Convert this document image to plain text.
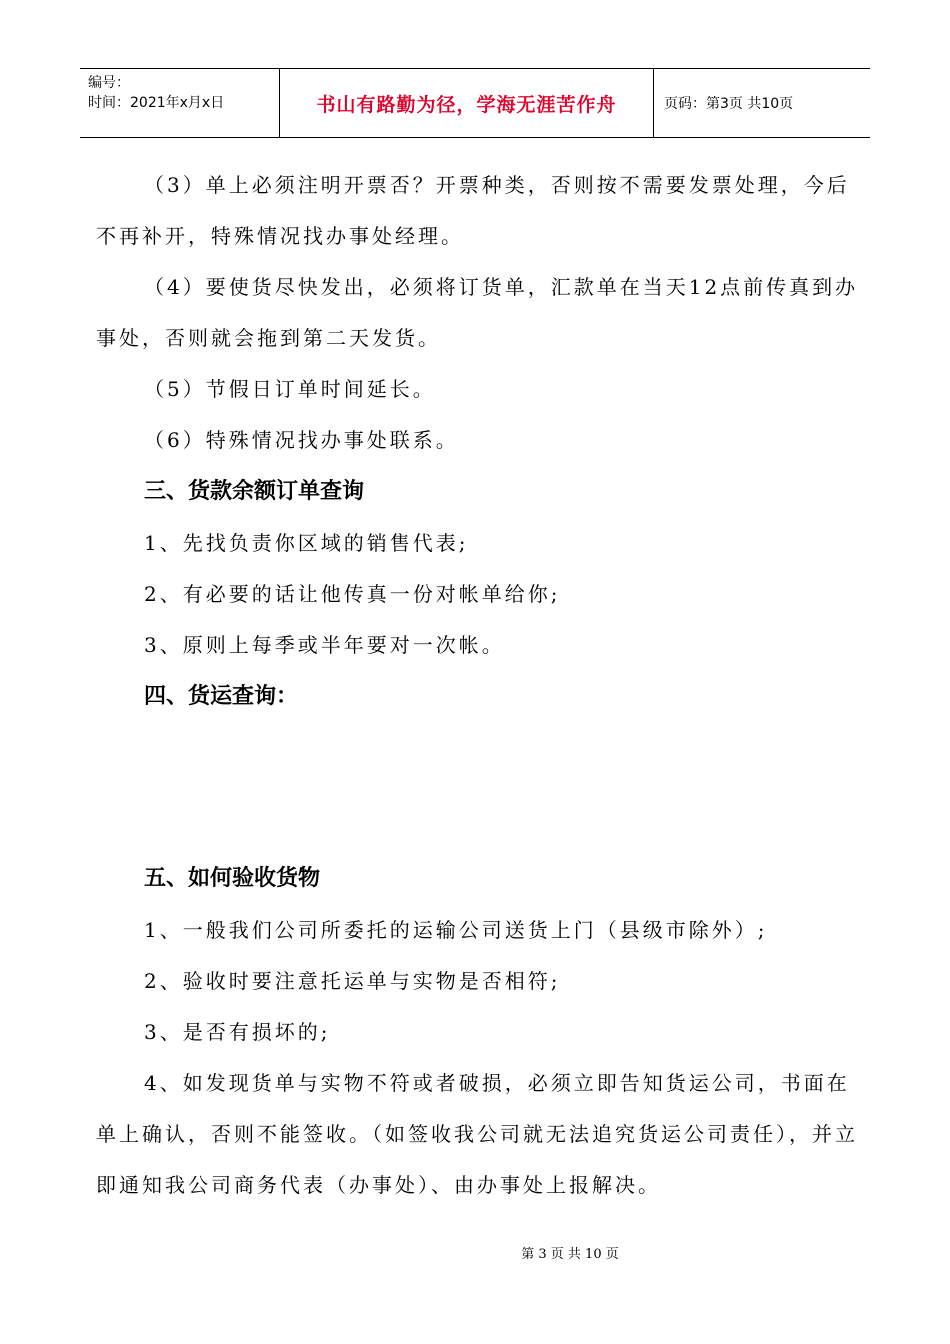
编号：
时间：2021年x月x日	书山有路勤为径，学海无涯苦作舟	页码：第3页 共10页

（3）单上必须注明开票否？开票种类，否则按不需要发票处理，今后不再补开，特殊情况找办事处经理。

（4）要使货尽快发出，必须将订货单，汇款单在当天12点前传真到办事处，否则就会拖到第二天发货。

（5）节假日订单时间延长。

（6）特殊情况找办事处联系。

三、货款余额订单查询

1、先找负责你区域的销售代表;

2、有必要的话让他传真一份对帐单给你;

3、原则上每季或半年要对一次帐。

四、货运查询：

五、如何验收货物

1、一般我们公司所委托的运输公司送货上门（县级市除外）;

2、验收时要注意托运单与实物是否相符;

3、是否有损坏的;

4、如发现货单与实物不符或者破损，必须立即告知货运公司，书面在单上确认，否则不能签收。（如签收我公司就无法追究货运公司责任），并立即通知我公司商务代表（办事处）、由办事处上报解决。

第 3 页 共 10 页
